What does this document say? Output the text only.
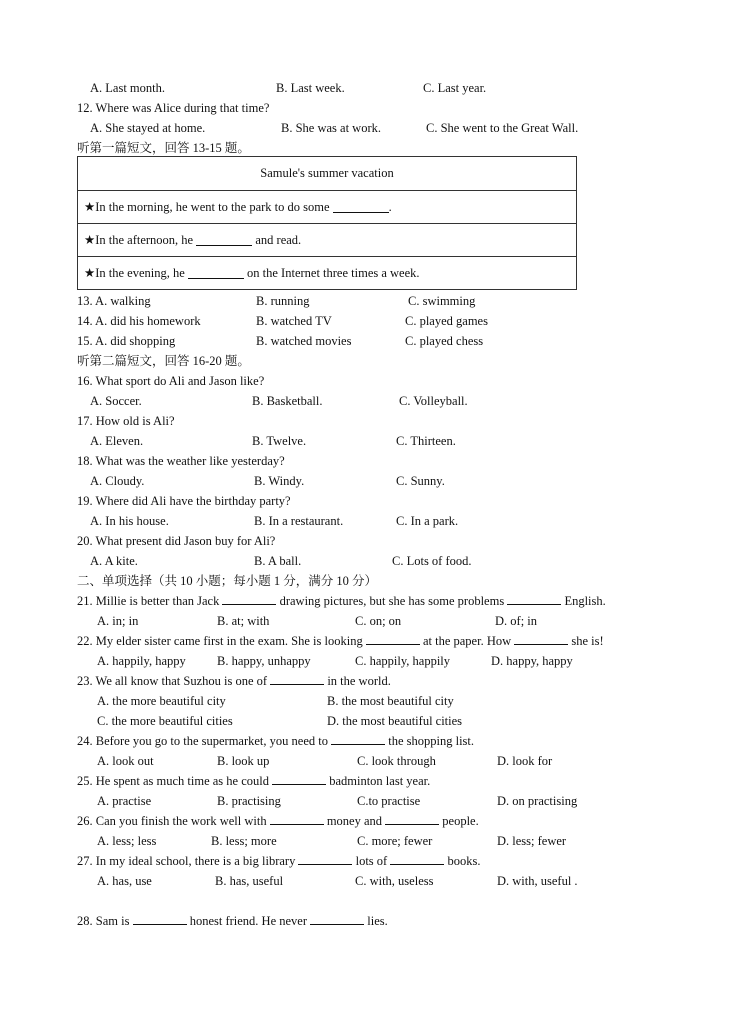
A. Last month.	B. Last week.	C. Last year.
12. Where was Alice during that time?
A. She stayed at home.	B. She was at work.	C. She went to the Great Wall.
听第一篇短文，回答 13-15 题。
Samule's summer vacation
★ In the morning, he went to the park to do some
	.
★ In the afternoon, he

	and read.
★ In the evening, he

	on the Internet three times a week.
13. A. walking	B. running	C. swimming
14. A. did his homework	B. watched TV	C. played games
15. A. did shopping	B. watched movies	C. played chess
听第二篇短文，回答 16-20 题。
16. What sport do Ali and Jason like?
A. Soccer.	B. Basketball.	C. Volleyball.
17. How old is Ali?
A. Eleven.	B. Twelve.	C. Thirteen.
18. What was the weather like yesterday?
A. Cloudy.	B. Windy.	C. Sunny.
19. Where did Ali have the birthday party?
A. In his house.	B. In a restaurant.	C. In a park.
20. What present did Jason buy for Ali?
A. A kite.	B. A ball.	C. Lots of food.
二、单项选择（共 10 小题；每小题 1 分，满分 10 分）
21. Millie is better than Jack	drawing pictures, but she has some problems	English.
A. in; in	B. at; with	C. on; on	D. of; in
22. My elder sister came first in the exam. She is looking	at the paper. How	she is!
A. happily, happy B. happy, unhappy	C. happily, happily	D. happy, happy
23. We all know that Suzhou is one of	in the world.
A. the more beautiful city	B. the most beautiful city
C. the more beautiful cities	D. the most beautiful cities
24. Before you go to the supermarket, you need to	the shopping list.
A. look out	B. look up	C. look through	D. look for
25. He spent as much time as he could	badminton last year.
A. practise	B. practising	C.to practise	D. on practising
26. Can you finish the work well with	money and	people.
A. less; less	B. less; more	C. more; fewer	D. less; fewer
27. In my ideal school, there is a big library	lots of	books.
A. has, use	B. has, useful	C. with, useless	D. with, useful .
28. Sam is	honest friend. He never	lies.
